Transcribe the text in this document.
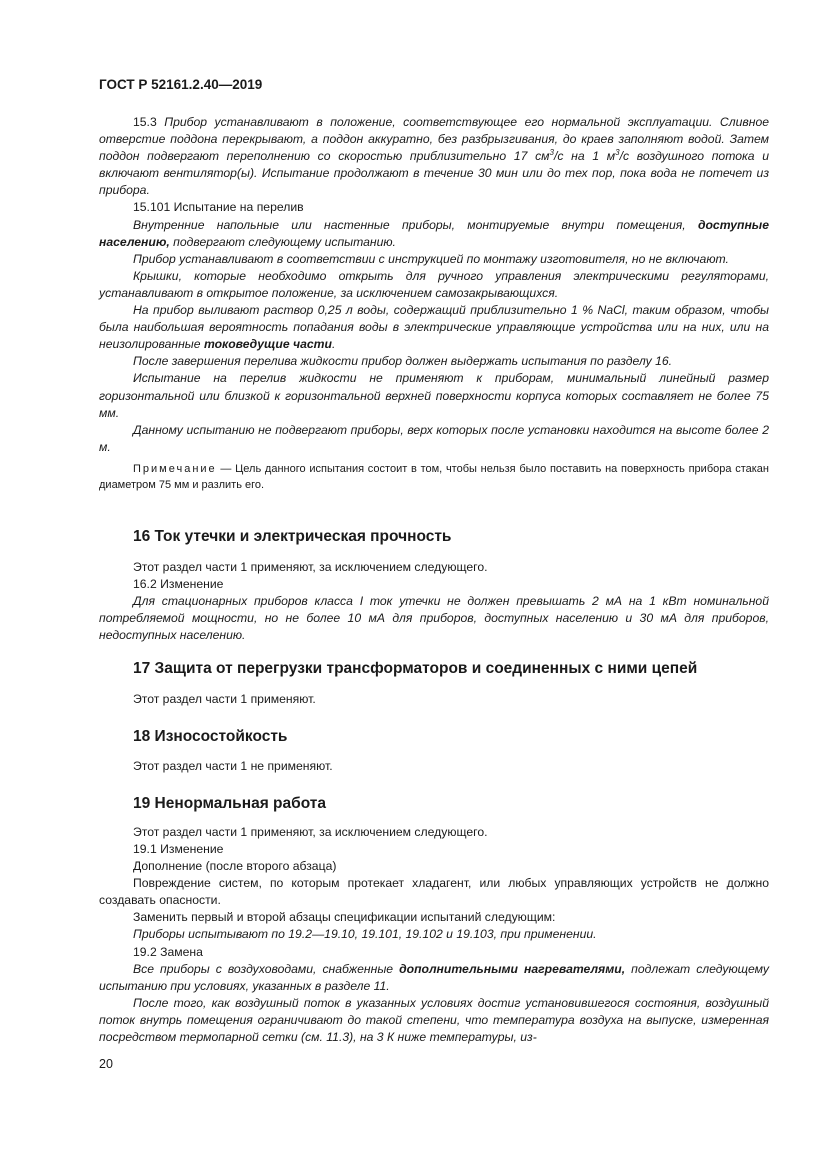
ГОСТ Р 52161.2.40—2019

15.3 Прибор устанавливают в положение, соответствующее его нормальной эксплуатации. Сливное отверстие поддона перекрывают, а поддон аккуратно, без разбрызгивания, до краев заполняют водой. Затем поддон подвергают переполнению со скоростью приблизительно 17 $см^3/с$ на 1 $м^3/с$ воздушного потока и включают вентилятор(ы). Испытание продолжают в течение 30 мин или до тех пор, пока вода не потечет из прибора.

15.101 Испытание на перелив

Внутренние напольные или настенные приборы, монтируемые внутри помещения, доступные населению, подвергают следующему испытанию.

Прибор устанавливают в соответствии с инструкцией по монтажу изготовителя, но не включают.

Крышки, которые необходимо открыть для ручного управления электрическими регуляторами, устанавливают в открытое положение, за исключением самозакрывающихся.

На прибор выливают раствор 0,25 л воды, содержащий приблизительно 1 % NaCl, таким образом, чтобы была наибольшая вероятность попадания воды в электрические управляющие устройства или на них, или на неизолированные токоведущие части.

После завершения перелива жидкости прибор должен выдержать испытания по разделу 16.

Испытание на перелив жидкости не применяют к приборам, минимальный линейный размер горизонтальной или близкой к горизонтальной верхней поверхности корпуса которых составляет не более 75 мм.

Данному испытанию не подвергают приборы, верх которых после установки находится на высоте более 2 м.

Примечание — Цель данного испытания состоит в том, чтобы нельзя было поставить на поверхность прибора стакан диаметром 75 мм и разлить его.

16 Ток утечки и электрическая прочность

Этот раздел части 1 применяют, за исключением следующего.

16.2 Изменение

Для стационарных приборов класса I ток утечки не должен превышать 2 мА на 1 кВт номинальной потребляемой мощности, но не более 10 мА для приборов, доступных населению и 30 мА для приборов, недоступных населению.

17 Защита от перегрузки трансформаторов и соединенных с ними цепей

Этот раздел части 1 применяют.

18 Износостойкость

Этот раздел части 1 не применяют.

19 Ненормальная работа

Этот раздел части 1 применяют, за исключением следующего.

19.1 Изменение

Дополнение (после второго абзаца)

Повреждение систем, по которым протекает хладагент, или любых управляющих устройств не должно создавать опасности.

Заменить первый и второй абзацы спецификации испытаний следующим:

Приборы испытывают по 19.2—19.10, 19.101, 19.102 и 19.103, при применении.

19.2 Замена

Все приборы с воздуховодами, снабженные дополнительными нагревателями, подлежат следующему испытанию при условиях, указанных в разделе 11.

После того, как воздушный поток в указанных условиях достиг установившегося состояния, воздушный поток внутрь помещения ограничивают до такой степени, что температура воздуха на выпуске, измеренная посредством термопарной сетки (см. 11.3), на 3 К ниже температуры, из-

20
